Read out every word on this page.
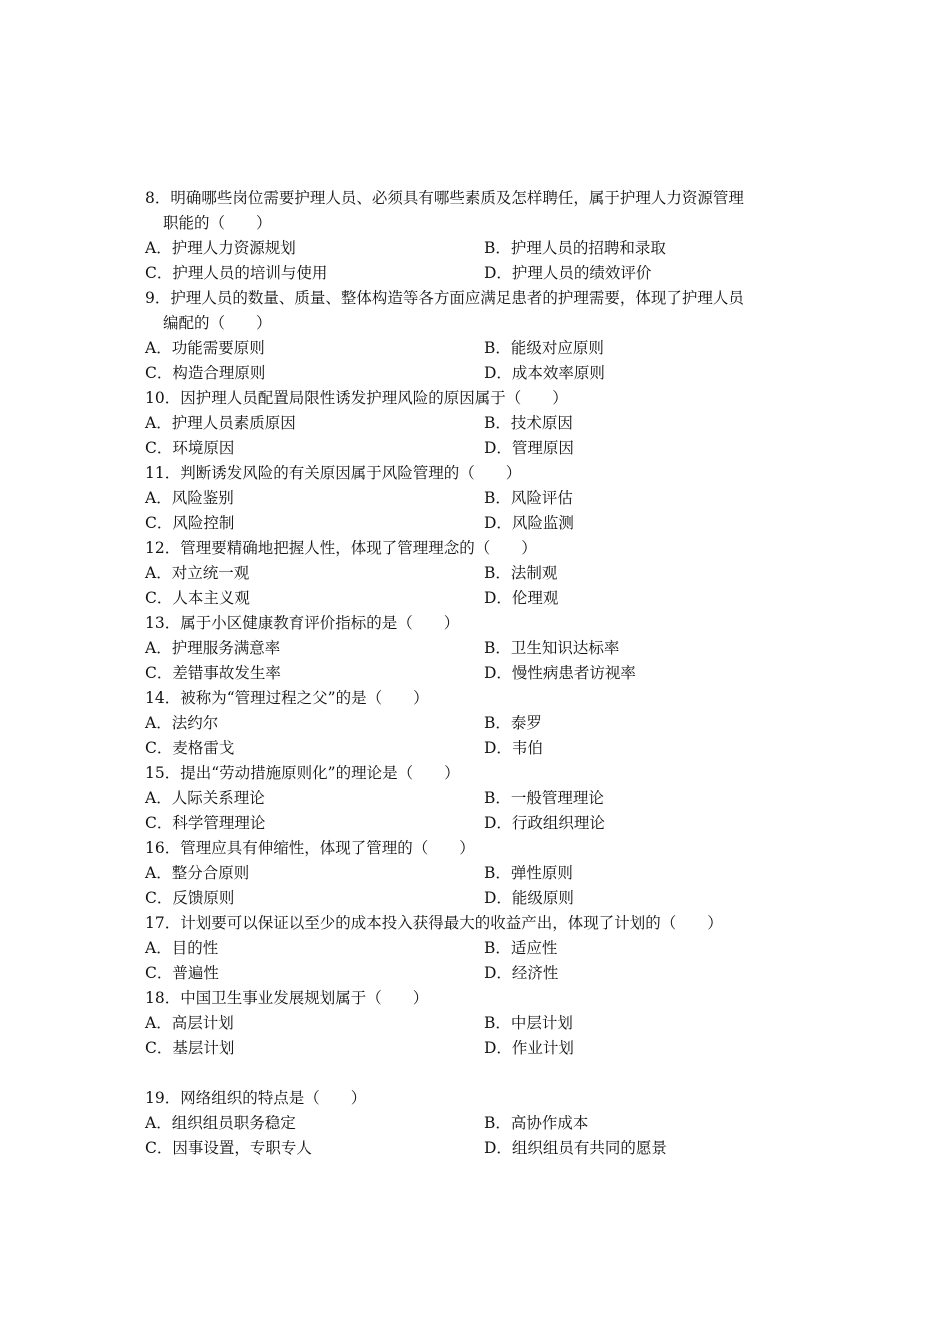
8．明确哪些岗位需要护理人员、必须具有哪些素质及怎样聘任，属于护理人力资源管理
职能的（　　）

A．护理人力资源规划	B．护理人员的招聘和录取
C．护理人员的培训与使用	D．护理人员的绩效评价

9．护理人员的数量、质量、整体构造等各方面应满足患者的护理需要，体现了护理人员
编配的（　　）

A．功能需要原则	B．能级对应原则
C．构造合理原则	D．成本效率原则

10．因护理人员配置局限性诱发护理风险的原因属于（　　）

A．护理人员素质原因	B．技术原因
C．环境原因	D．管理原因

11．判断诱发风险的有关原因属于风险管理的（　　）

A．风险鉴别	B．风险评估
C．风险控制	D．风险监测

12．管理要精确地把握人性，体现了管理理念的（　　）

A．对立统一观	B．法制观
C．人本主义观	D．伦理观

13．属于小区健康教育评价指标的是（　　）

A．护理服务满意率	B．卫生知识达标率
C．差错事故发生率	D．慢性病患者访视率

14．被称为“管理过程之父”的是（　　）

A．法约尔	B．泰罗
C．麦格雷戈	D．韦伯

15．提出“劳动措施原则化”的理论是（　　）

A．人际关系理论	B．一般管理理论
C．科学管理理论	D．行政组织理论

16．管理应具有伸缩性，体现了管理的（　　）

A．整分合原则	B．弹性原则
C．反馈原则	D．能级原则

17．计划要可以保证以至少的成本投入获得最大的收益产出，体现了计划的（　　）

A．目的性	B．适应性
C．普遍性	D．经济性

18．中国卫生事业发展规划属于（　　）

A．高层计划	B．中层计划
C．基层计划	D．作业计划

19．网络组织的特点是（　　）

A．组织组员职务稳定	B．高协作成本
C．因事设置，专职专人	D．组织组员有共同的愿景
